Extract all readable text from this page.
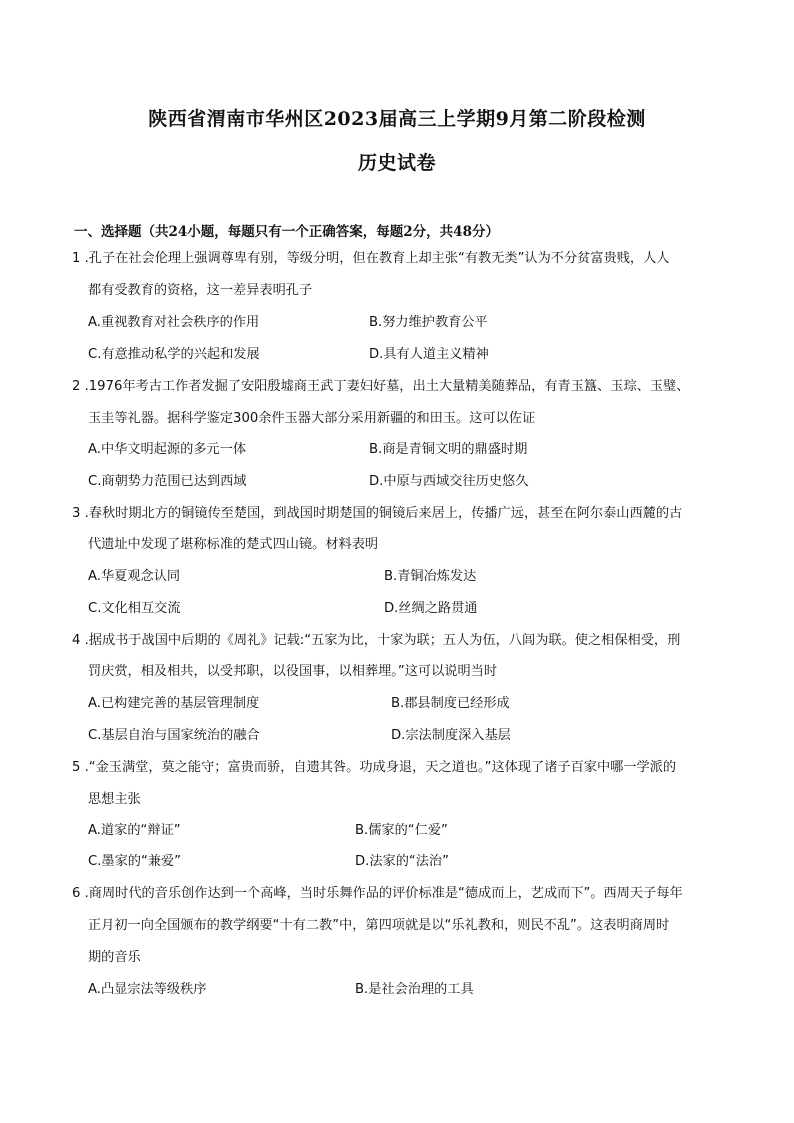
陕西省渭南市华州区2023届高三上学期9月第二阶段检测
历史试卷
一、选择题（共24小题，每题只有一个正确答案，每题2分，共48分）
1 .孔子在社会伦理上强调尊卑有别，等级分明，但在教育上却主张“有教无类”认为不分贫富贵贱，人人
都有受教育的资格，这一差异表明孔子
A.重视教育对社会秩序的作用	B.努力维护教育公平
C.有意推动私学的兴起和发展	D.具有人道主义精神
2 .1976年考古工作者发掘了安阳殷墟商王武丁妻妇好墓，出土大量精美随葬品，有青玉簋、玉琮、玉璧、
玉圭等礼器。据科学鉴定300余件玉器大部分采用新疆的和田玉。这可以佐证
A.中华文明起源的多元一体	B.商是青铜文明的鼎盛时期
C.商朝势力范围已达到西域	D.中原与西域交往历史悠久
3 .春秋时期北方的铜镜传至楚国，到战国时期楚国的铜镜后来居上，传播广远，甚至在阿尔泰山西麓的古
代遗址中发现了堪称标准的楚式四山镜。材料表明
A.华夏观念认同	B.青铜冶炼发达
C.文化相互交流	D.丝绸之路贯通
4 .据成书于战国中后期的《周礼》记载:“五家为比，十家为联；五人为伍，八闾为联。使之相保相受，刑
罚庆赏，相及相共，以受邦职，以役国事，以相葬埋。”这可以说明当时
A.已构建完善的基层管理制度	B.郡县制度已经形成
C.基层自治与国家统治的融合	D.宗法制度深入基层
5 .“金玉满堂，莫之能守；富贵而骄，自遗其咎。功成身退，天之道也。”这体现了诸子百家中哪一学派的
思想主张
A.道家的“辩证”	B.儒家的“仁爱”
C.墨家的“兼爱”	D.法家的“法治”
6 .商周时代的音乐创作达到一个高峰，当时乐舞作品的评价标准是“德成而上，艺成而下”。西周天子每年
正月初一向全国颁布的教学纲要“十有二教”中，第四项就是以“乐礼教和，则民不乱”。这表明商周时
期的音乐
A.凸显宗法等级秩序	B.是社会治理的工具
